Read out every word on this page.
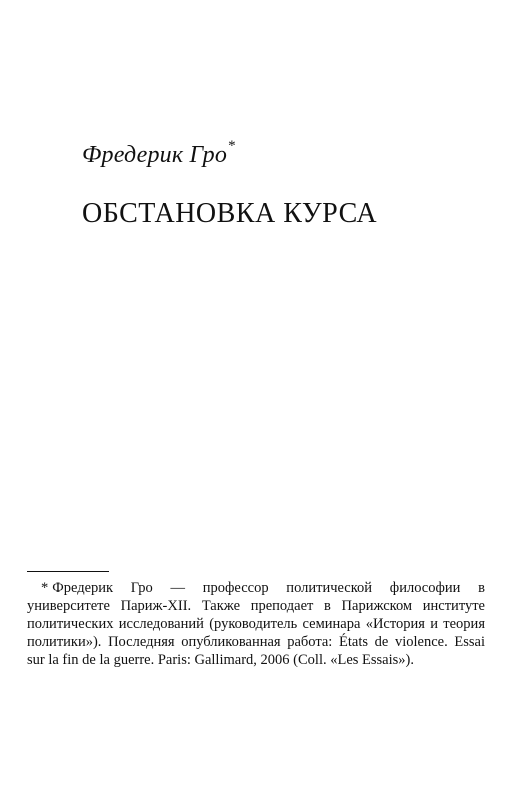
Фредерик Гро*
ОБСТАНОВКА КУРСА
* Фредерик Гро — профессор политической философии в университете Париж-XII. Также преподает в Парижском институте политических исследований (руководитель семинара «История и теория политики»). Последняя опубликованная работа: États de violence. Essai sur la fin de la guerre. Paris: Gallimard, 2006 (Coll. «Les Essais»).
